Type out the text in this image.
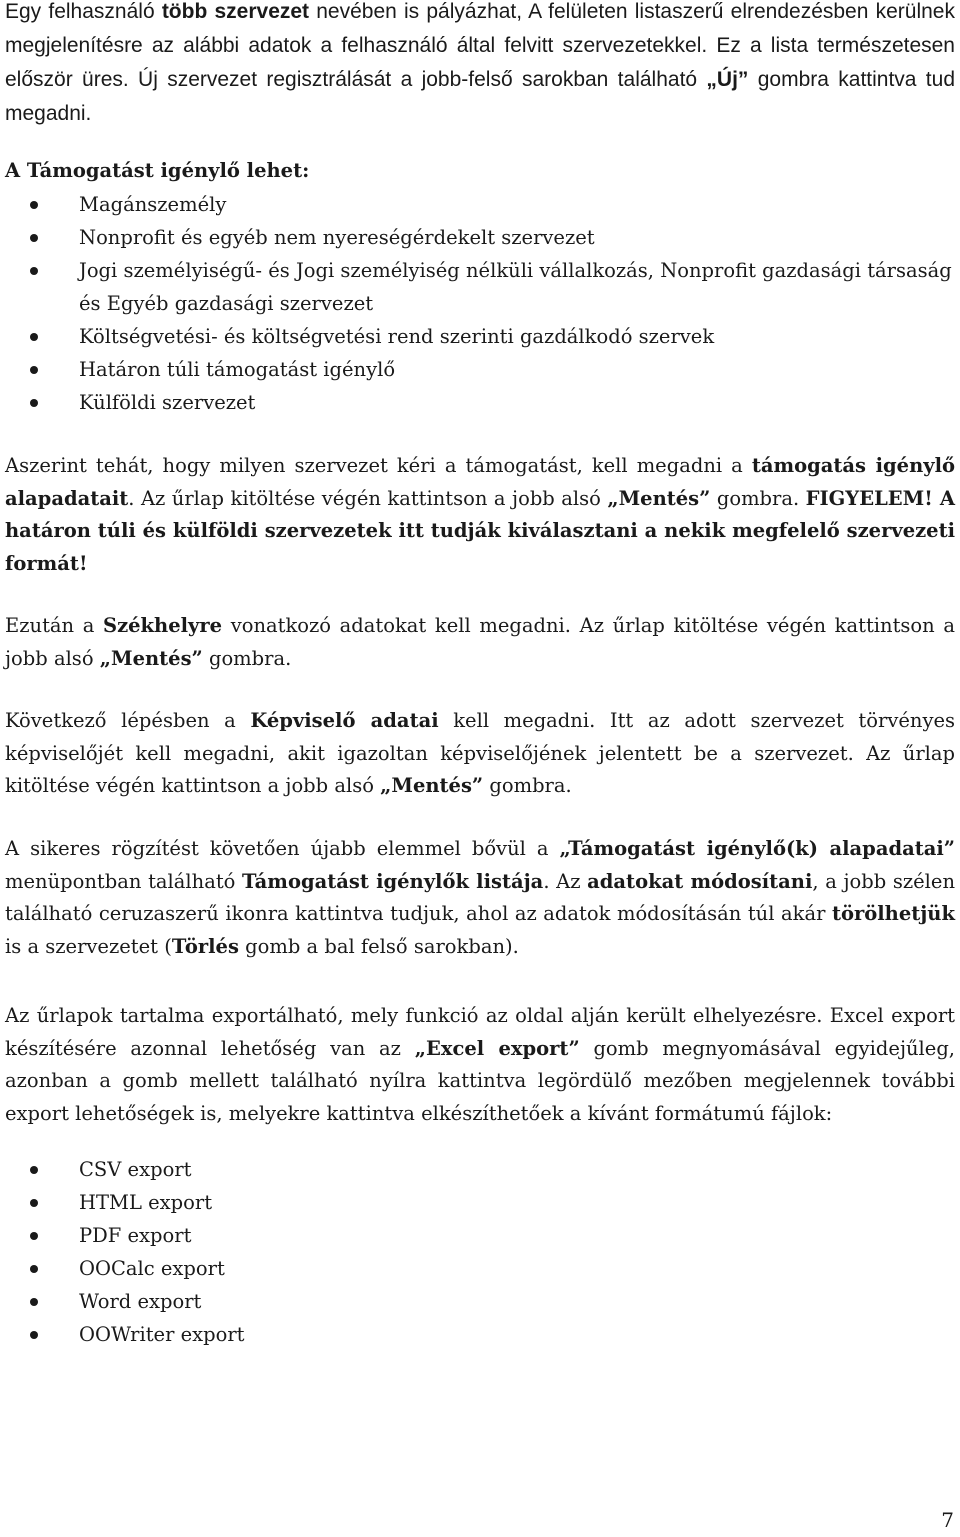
Egy felhasználó több szervezet nevében is pályázhat, A felületen listaszerű elrendezésben kerülnek megjelenítésre az alábbi adatok a felhasználó által felvitt szervezetekkel. Ez a lista természetesen először üres. Új szervezet regisztrálását a jobb-felső sarokban található „Új” gombra kattintva tud megadni.

A Támogatást igénylő lehet:

Magánszemély
Nonprofit és egyéb nem nyereségérdekelt szervezet
Jogi személyiségű- és Jogi személyiség nélküli vállalkozás, Nonprofit gazdasági társaság és Egyéb gazdasági szervezet
Költségvetési- és költségvetési rend szerinti gazdálkodó szervek
Határon túli támogatást igénylő
Külföldi szervezet

Aszerint tehát, hogy milyen szervezet kéri a támogatást, kell megadni a támogatás igénylő alapadatait. Az űrlap kitöltése végén kattintson a jobb alsó „Mentés” gombra. FIGYELEM! A határon túli és külföldi szervezetek itt tudják kiválasztani a nekik megfelelő szervezeti formát!

Ezután a Székhelyre vonatkozó adatokat kell megadni. Az űrlap kitöltése végén kattintson a jobb alsó „Mentés” gombra.

Következő lépésben a Képviselő adatai kell megadni. Itt az adott szervezet törvényes képviselőjét kell megadni, akit igazoltan képviselőjének jelentett be a szervezet. Az űrlap kitöltése végén kattintson a jobb alsó „Mentés” gombra.

A sikeres rögzítést követően újabb elemmel bővül a „Támogatást igénylő(k) alapadatai” menüpontban található Támogatást igénylők listája. Az adatokat módosítani, a jobb szélen található ceruzaszerű ikonra kattintva tudjuk, ahol az adatok módosításán túl akár törölhetjük is a szervezetet (Törlés gomb a bal felső sarokban).

Az űrlapok tartalma exportálható, mely funkció az oldal alján került elhelyezésre. Excel export készítésére azonnal lehetőség van az „Excel export” gomb megnyomásával egyidejűleg, azonban a gomb mellett található nyílra kattintva legördülő mezőben megjelennek további export lehetőségek is, melyekre kattintva elkészíthetőek a kívánt formátumú fájlok:

CSV export
HTML export
PDF export
OOCalc export
Word export
OOWriter export
7
